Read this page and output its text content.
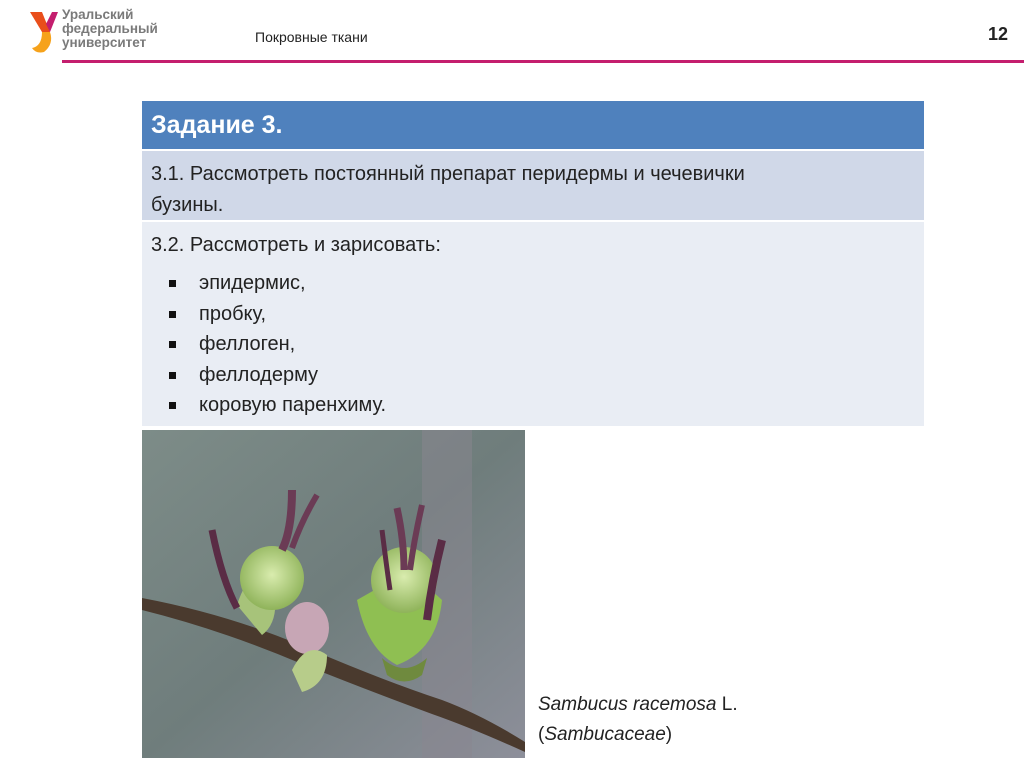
Уральский
федеральный
университет	Покровные ткани	12
Задание 3.
3.1. Рассмотреть постоянный препарат перидермы и чечевички
бузины.
3.2. Рассмотреть и зарисовать:
эпидермис,
пробку,
феллоген,
феллодерму
коровую паренхиму.
Sambucus racemosa L.
(Sambucaceae)
